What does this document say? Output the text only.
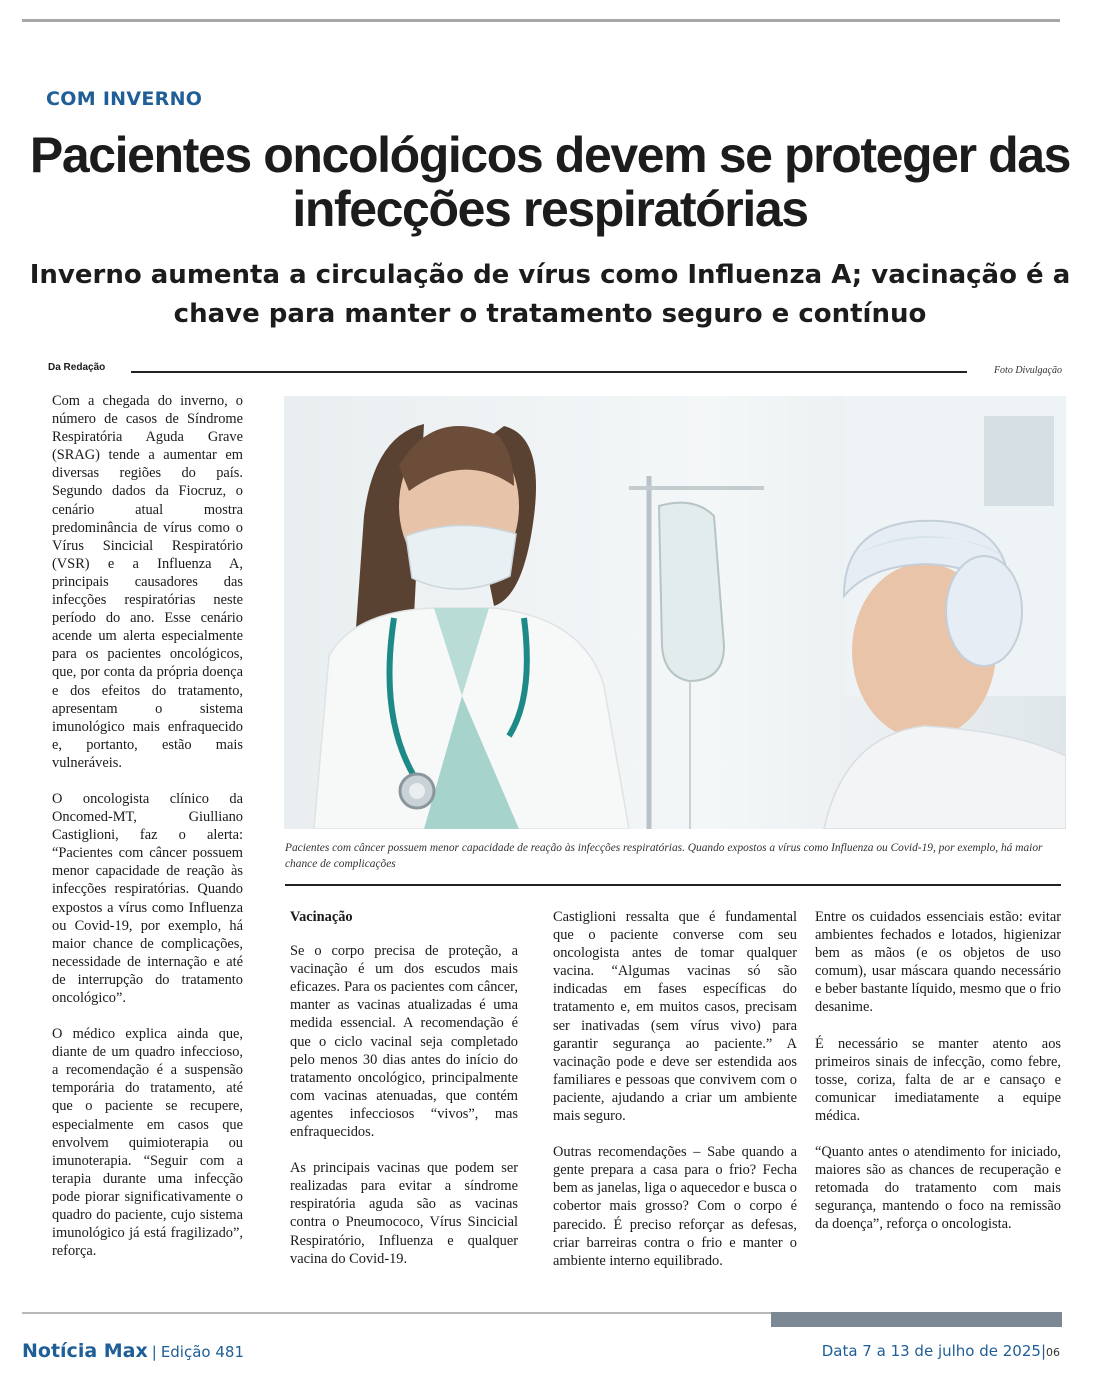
COM INVERNO
Pacientes oncológicos devem se proteger das infecções respiratórias
Inverno aumenta a circulação de vírus como Influenza A; vacinação é a chave para manter o tratamento seguro e contínuo
Da Redação	Foto Divulgação

Com a chegada do inverno, o número de casos de Síndrome Respiratória Aguda Grave (SRAG) tende a aumentar em diversas regiões do país. Segundo dados da Fiocruz, o cenário atual mostra predominância de vírus como o Vírus Sincicial Respiratório (VSR) e a Influenza A, principais causadores das infecções respiratórias neste período do ano. Esse cenário acende um alerta especialmente para os pacientes oncológicos, que, por conta da própria doença e dos efeitos do tratamento, apresentam o sistema imunológico mais enfraquecido e, portanto, estão mais vulneráveis.

O oncologista clínico da Oncomed-MT, Giulliano Castiglioni, faz o alerta: “Pacientes com câncer possuem menor capacidade de reação às infecções respiratórias. Quando expostos a vírus como Influenza ou Covid-19, por exemplo, há maior chance de complicações, necessidade de internação e até de interrupção do tratamento oncológico”.

O médico explica ainda que, diante de um quadro infeccioso, a recomendação é a suspensão temporária do tratamento, até que o paciente se recupere, especialmente em casos que envolvem quimioterapia ou imunoterapia. “Seguir com a terapia durante uma infecção pode piorar significativamente o quadro do paciente, cujo sistema imunológico já está fragilizado”, reforça.

Pacientes com câncer possuem menor capacidade de reação às infecções respiratórias. Quando expostos a vírus como Influenza ou Covid-19, por exemplo, há maior chance de complicações

Vacinação

Se o corpo precisa de proteção, a vacinação é um dos escudos mais eficazes. Para os pacientes com câncer, manter as vacinas atualizadas é uma medida essencial. A recomendação é que o ciclo vacinal seja completado pelo menos 30 dias antes do início do tratamento oncológico, principalmente com vacinas atenuadas, que contém agentes infecciosos “vivos”, mas enfraquecidos.

As principais vacinas que podem ser realizadas para evitar a síndrome respiratória aguda são as vacinas contra o Pneumococo, Vírus Sincicial Respiratório, Influenza e qualquer vacina do Covid-19.

Castiglioni ressalta que é fundamental que o paciente converse com seu oncologista antes de tomar qualquer vacina. “Algumas vacinas só são indicadas em fases específicas do tratamento e, em muitos casos, precisam ser inativadas (sem vírus vivo) para garantir segurança ao paciente.” A vacinação pode e deve ser estendida aos familiares e pessoas que convivem com o paciente, ajudando a criar um ambiente mais seguro.

Outras recomendações – Sabe quando a gente prepara a casa para o frio? Fecha bem as janelas, liga o aquecedor e busca o cobertor mais grosso? Com o corpo é parecido. É preciso reforçar as defesas, criar barreiras contra o frio e manter o ambiente interno equilibrado.

Entre os cuidados essenciais estão: evitar ambientes fechados e lotados, higienizar bem as mãos (e os objetos de uso comum), usar máscara quando necessário e beber bastante líquido, mesmo que o frio desanime.

É necessário se manter atento aos primeiros sinais de infecção, como febre, tosse, coriza, falta de ar e cansaço e comunicar imediatamente a equipe médica.

“Quanto antes o atendimento for iniciado, maiores são as chances de recuperação e retomada do tratamento com mais segurança, mantendo o foco na remissão da doença”, reforça o oncologista.

Notícia Max | Edição 481	Data 7 a 13 de julho de 2025|06
